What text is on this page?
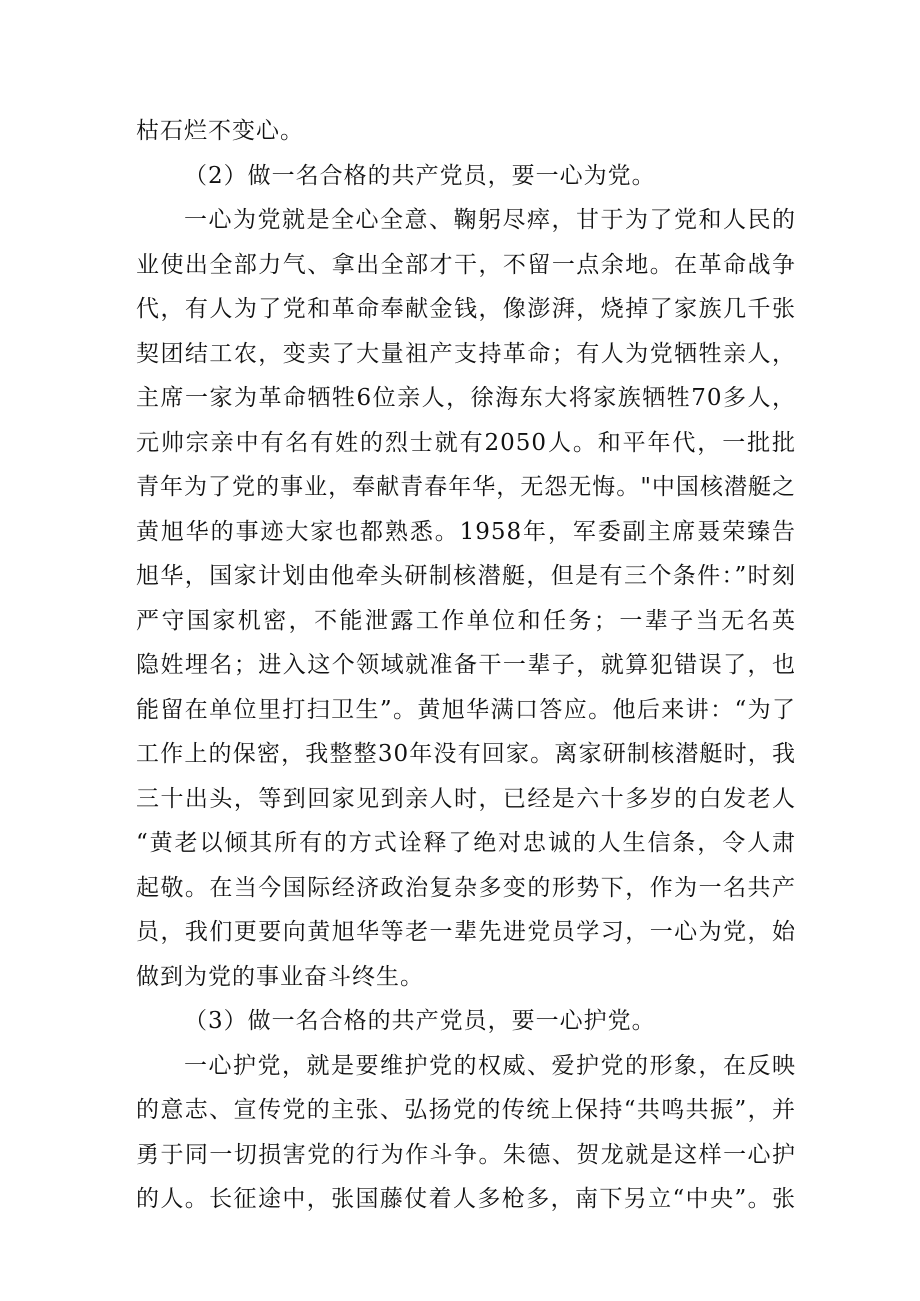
枯石烂不变心。
（2）做一名合格的共产党员，要一心为党。
一心为党就是全心全意、鞠躬尽瘁，甘于为了党和人民的
业使出全部力气、拿出全部才干，不留一点余地。在革命战争
代，有人为了党和革命奉献金钱，像澎湃，烧掉了家族几千张
契团结工农，变卖了大量祖产支持革命；有人为党牺牲亲人，
主席一家为革命牺牲6位亲人，徐海东大将家族牺牲70多人，
元帅宗亲中有名有姓的烈士就有2050人。和平年代，一批批
青年为了党的事业，奉献青春年华，无怨无悔。"中国核潜艇之
黄旭华的事迹大家也都熟悉。1958年，军委副主席聂荣臻告
旭华，国家计划由他牵头研制核潜艇，但是有三个条件：”时刻
严守国家机密，不能泄露工作单位和任务；一辈子当无名英
隐姓埋名；进入这个领域就准备干一辈子，就算犯错误了，也
能留在单位里打扫卫生”。黄旭华满口答应。他后来讲：“为了
工作上的保密，我整整30年没有回家。离家研制核潜艇时，我
三十出头，等到回家见到亲人时，已经是六十多岁的白发老人
“黄老以倾其所有的方式诠释了绝对忠诚的人生信条，令人肃
起敬。在当今国际经济政治复杂多变的形势下，作为一名共产
员，我们更要向黄旭华等老一辈先进党员学习，一心为党，始
做到为党的事业奋斗终生。
（3）做一名合格的共产党员，要一心护党。
一心护党，就是要维护党的权威、爱护党的形象，在反映
的意志、宣传党的主张、弘扬党的传统上保持“共鸣共振”，并
勇于同一切损害党的行为作斗争。朱德、贺龙就是这样一心护
的人。长征途中，张国藤仗着人多枪多，南下另立“中央”。张
